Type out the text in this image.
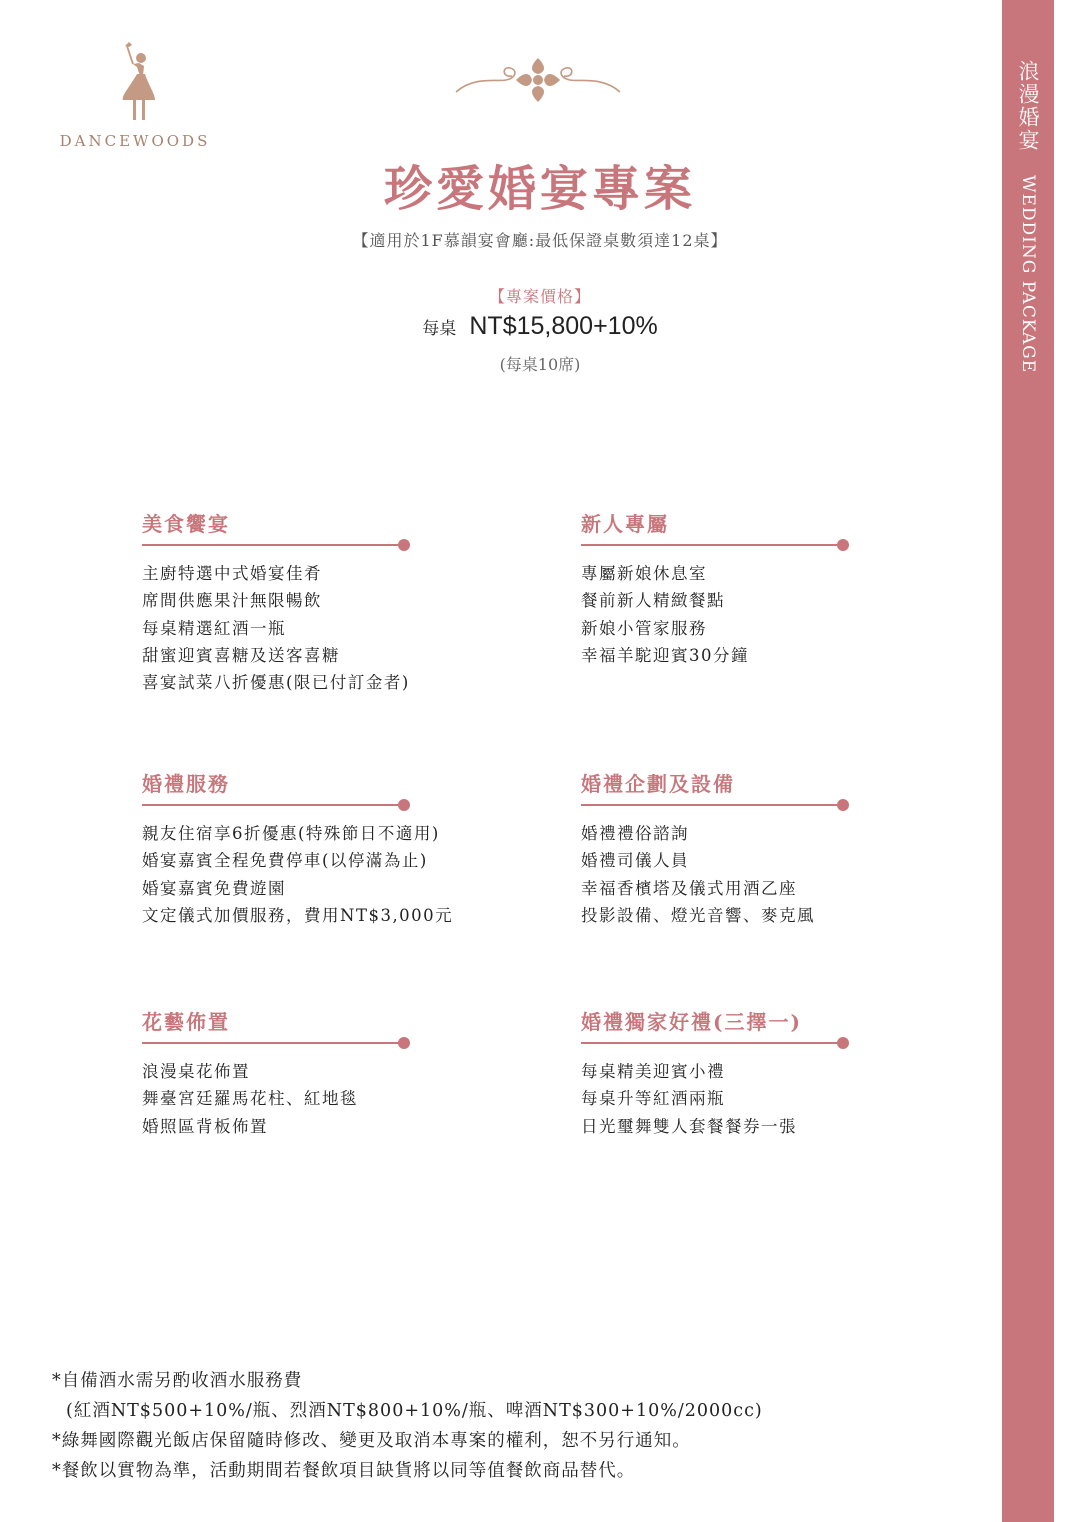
浪漫婚宴 WEDDING PACKAGE
DANCEWOODS
珍愛婚宴專案
【適用於1F慕韻宴會廳:最低保證桌數須達12桌】
【專案價格】
每桌 NT$15,800+10%
(每桌10席)
美食饗宴
主廚特選中式婚宴佳肴
席間供應果汁無限暢飲
每桌精選紅酒一瓶
甜蜜迎賓喜糖及送客喜糖
喜宴試菜八折優惠(限已付訂金者)
新人專屬
專屬新娘休息室
餐前新人精緻餐點
新娘小管家服務
幸福羊駝迎賓30分鐘
婚禮服務
親友住宿享6折優惠(特殊節日不適用)
婚宴嘉賓全程免費停車(以停滿為止)
婚宴嘉賓免費遊園
文定儀式加價服務，費用NT$3,000元
婚禮企劃及設備
婚禮禮俗諮詢
婚禮司儀人員
幸福香檳塔及儀式用酒乙座
投影設備、燈光音響、麥克風
花藝佈置
浪漫桌花佈置
舞臺宮廷羅馬花柱、紅地毯
婚照區背板佈置
婚禮獨家好禮(三擇一)
每桌精美迎賓小禮
每桌升等紅酒兩瓶
日光璽舞雙人套餐餐券一張
*自備酒水需另酌收酒水服務費
(紅酒NT$500+10%/瓶、烈酒NT$800+10%/瓶、啤酒NT$300+10%/2000cc)
*綠舞國際觀光飯店保留隨時修改、變更及取消本專案的權利，恕不另行通知。
*餐飲以實物為準，活動期間若餐飲項目缺貨將以同等值餐飲商品替代。
